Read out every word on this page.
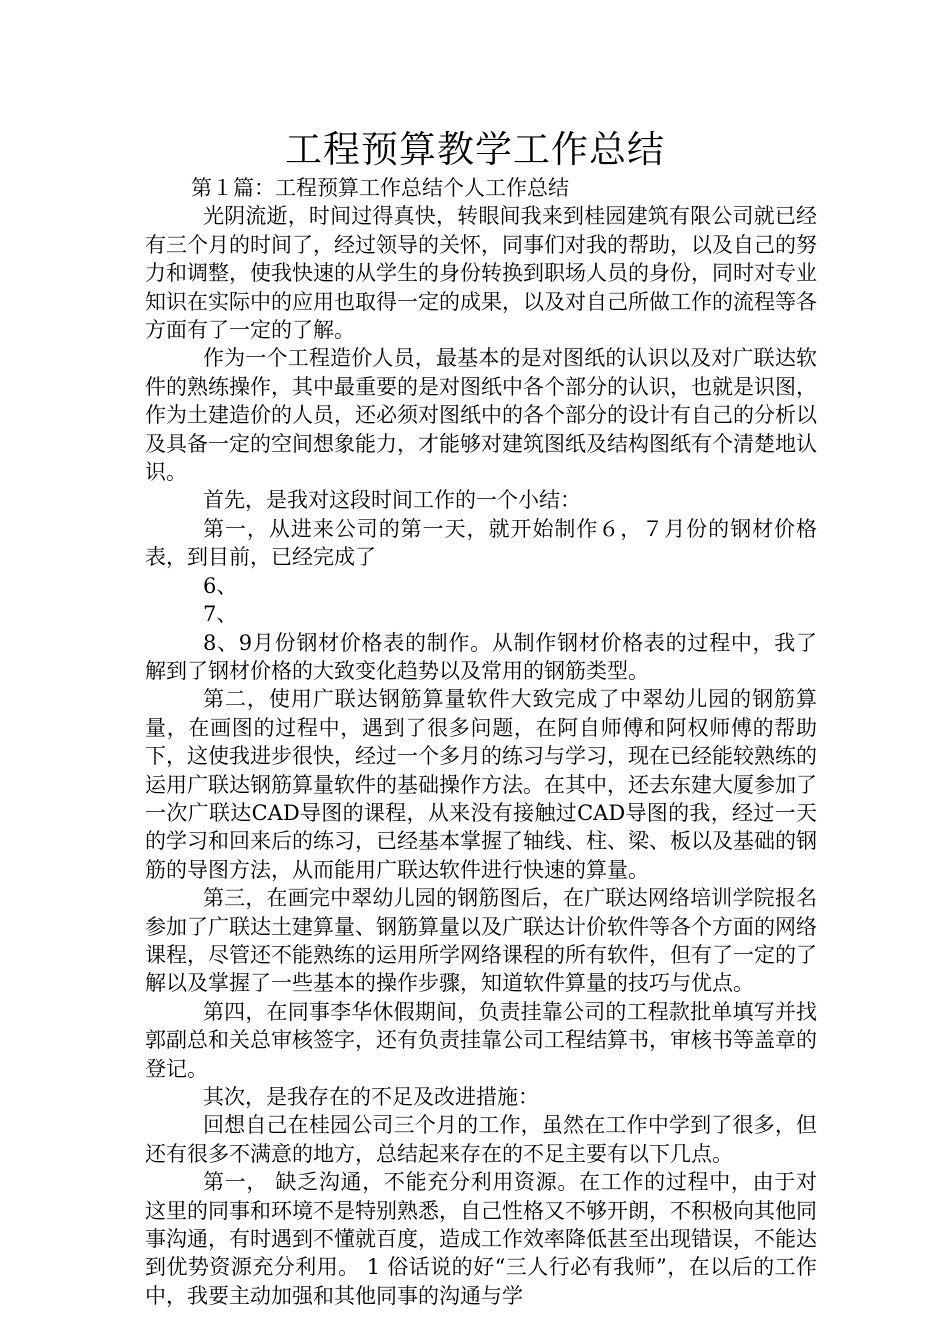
工程预算教学工作总结

第１篇：工程预算工作总结个人工作总结

光阴流逝，时间过得真快，转眼间我来到桂园建筑有限公司就已经有三个月的时间了，经过领导的关怀，同事们对我的帮助，以及自己的努力和调整，使我快速的从学生的身份转换到职场人员的身份，同时对专业知识在实际中的应用也取得一定的成果，以及对自己所做工作的流程等各方面有了一定的了解。

作为一个工程造价人员，最基本的是对图纸的认识以及对广联达软件的熟练操作，其中最重要的是对图纸中各个部分的认识，也就是识图，作为土建造价的人员，还必须对图纸中的各个部分的设计有自己的分析以及具备一定的空间想象能力，才能够对建筑图纸及结构图纸有个清楚地认识。

首先，是我对这段时间工作的一个小结：

第一，从进来公司的第一天，就开始制作６，７月份的钢材价格表，到目前，已经完成了

6、

7、

8、9月份钢材价格表的制作。从制作钢材价格表的过程中，我了解到了钢材价格的大致变化趋势以及常用的钢筋类型。

第二，使用广联达钢筋算量软件大致完成了中翠幼儿园的钢筋算量，在画图的过程中，遇到了很多问题，在阿自师傅和阿权师傅的帮助下，这使我进步很快，经过一个多月的练习与学习，现在已经能较熟练的运用广联达钢筋算量软件的基础操作方法。在其中，还去东建大厦参加了一次广联达CAD导图的课程，从来没有接触过CAD导图的我，经过一天的学习和回来后的练习，已经基本掌握了轴线、柱、梁、板以及基础的钢筋的导图方法，从而能用广联达软件进行快速的算量。

第三，在画完中翠幼儿园的钢筋图后，在广联达网络培训学院报名参加了广联达土建算量、钢筋算量以及广联达计价软件等各个方面的网络课程，尽管还不能熟练的运用所学网络课程的所有软件，但有了一定的了解以及掌握了一些基本的操作步骤，知道软件算量的技巧与优点。

第四，在同事李华休假期间，负责挂靠公司的工程款批单填写并找郭副总和关总审核签字，还有负责挂靠公司工程结算书，审核书等盖章的登记。

其次，是我存在的不足及改进措施：

回想自己在桂园公司三个月的工作，虽然在工作中学到了很多，但还有很多不满意的地方，总结起来存在的不足主要有以下几点。

第一， 缺乏沟通，不能充分利用资源。在工作的过程中，由于对这里的同事和环境不是特别熟悉，自己性格又不够开朗，不积极向其他同事沟通，有时遇到不懂就百度，造成工作效率降低甚至出现错误，不能达到优势资源充分利用。 1 俗话说的好“三人行必有我师”，在以后的工作中，我要主动加强和其他同事的沟通与学
